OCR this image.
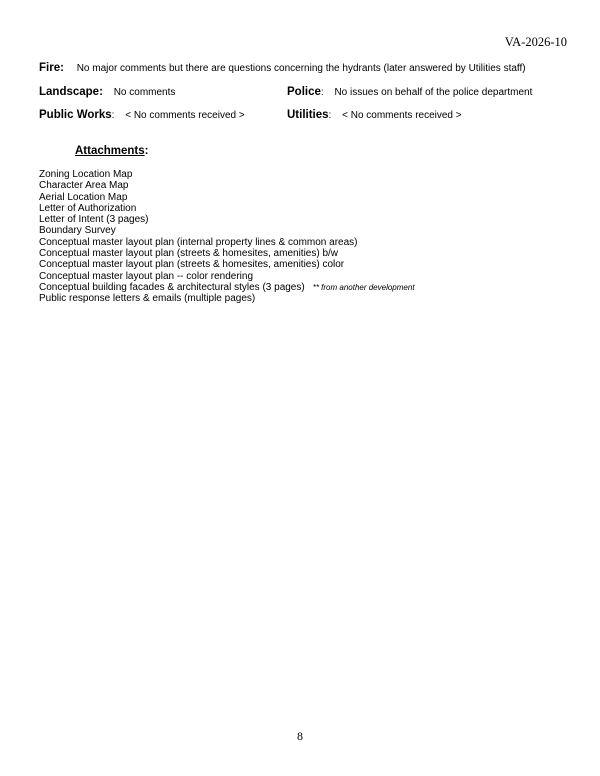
VA-2026-10
Fire: No major comments but there are questions concerning the hydrants (later answered by Utilities staff)
Landscape: No comments	Police: No issues on behalf of the police department
Public Works: < No comments received >	Utilities: < No comments received >
Attachments:
Zoning Location Map
Character Area Map
Aerial Location Map
Letter of Authorization
Letter of Intent (3 pages)
Boundary Survey
Conceptual master layout plan (internal property lines & common areas)
Conceptual master layout plan (streets & homesites, amenities) b/w
Conceptual master layout plan (streets & homesites, amenities) color
Conceptual master layout plan -- color rendering
Conceptual building facades & architectural styles (3 pages) ** from another development
Public response letters & emails (multiple pages)
8
